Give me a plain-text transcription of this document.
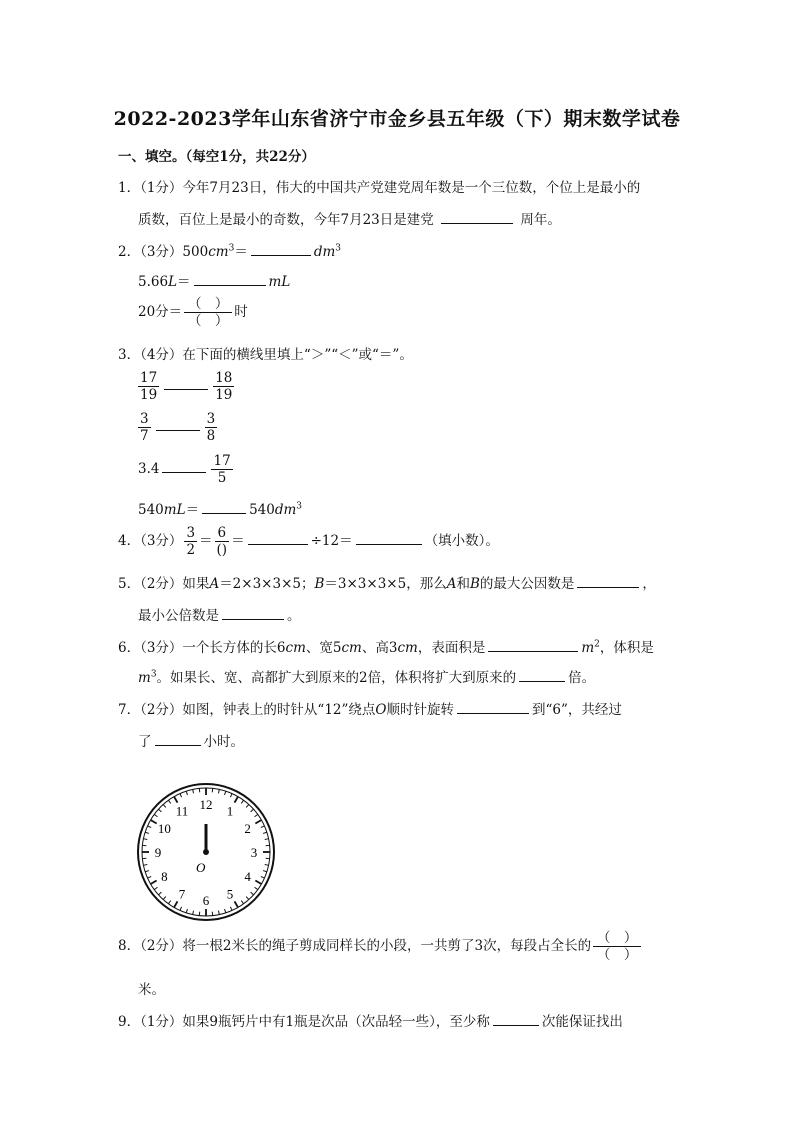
2022-2023学年山东省济宁市金乡县五年级（下）期末数学试卷
一、填空。（每空1分，共22分）
1．（1分）今年7月23日，伟大的中国共产党建党周年数是一个三位数，个位上是最小的
质数，百位上是最小的奇数，今年7月23日是建党	周年。
2．（3分）$500cm^3=$	$dm^3$
5.66L＝	mL
20分＝ $\frac{( )}{( )}$ 时
3．（4分）在下面的横线里填上“＞”“＜”或“＝”。
$\frac{17}{19}$	$\frac{18}{19}$
$\frac{3}{7}$	$\frac{3}{8}$
3.4	$\frac{17}{5}$
540mL＝	$540dm^3$
4．（3分） $\frac{3}{2} = \frac{6}{()}$ ＝	÷12＝	（填小数）。
5．（2分）如果A＝2×3×3×5；B＝3×3×3×5，那么A和B的最大公因数是	，
最小公倍数是	。
6．（3分）一个长方体的长6cm、宽5cm、高3cm，表面积是	$m^2$，体积是
$m^3$。如果长、宽、高都扩大到原来的2倍，体积将扩大到原来的	倍。
7．（2分）如图，钟表上的时针从“12”绕点O顺时针旋转	到“6”，共经过
了	小时。
12 1
2
3
4
5
6
7
8
9
10
11
O
8．（2分）将一根2米长的绳子剪成同样长的小段，一共剪了3次，每段占全长的 $\frac{( )}{( )}$
米。
9．（1分）如果9瓶钙片中有1瓶是次品（次品轻一些），至少称	次能保证找出
